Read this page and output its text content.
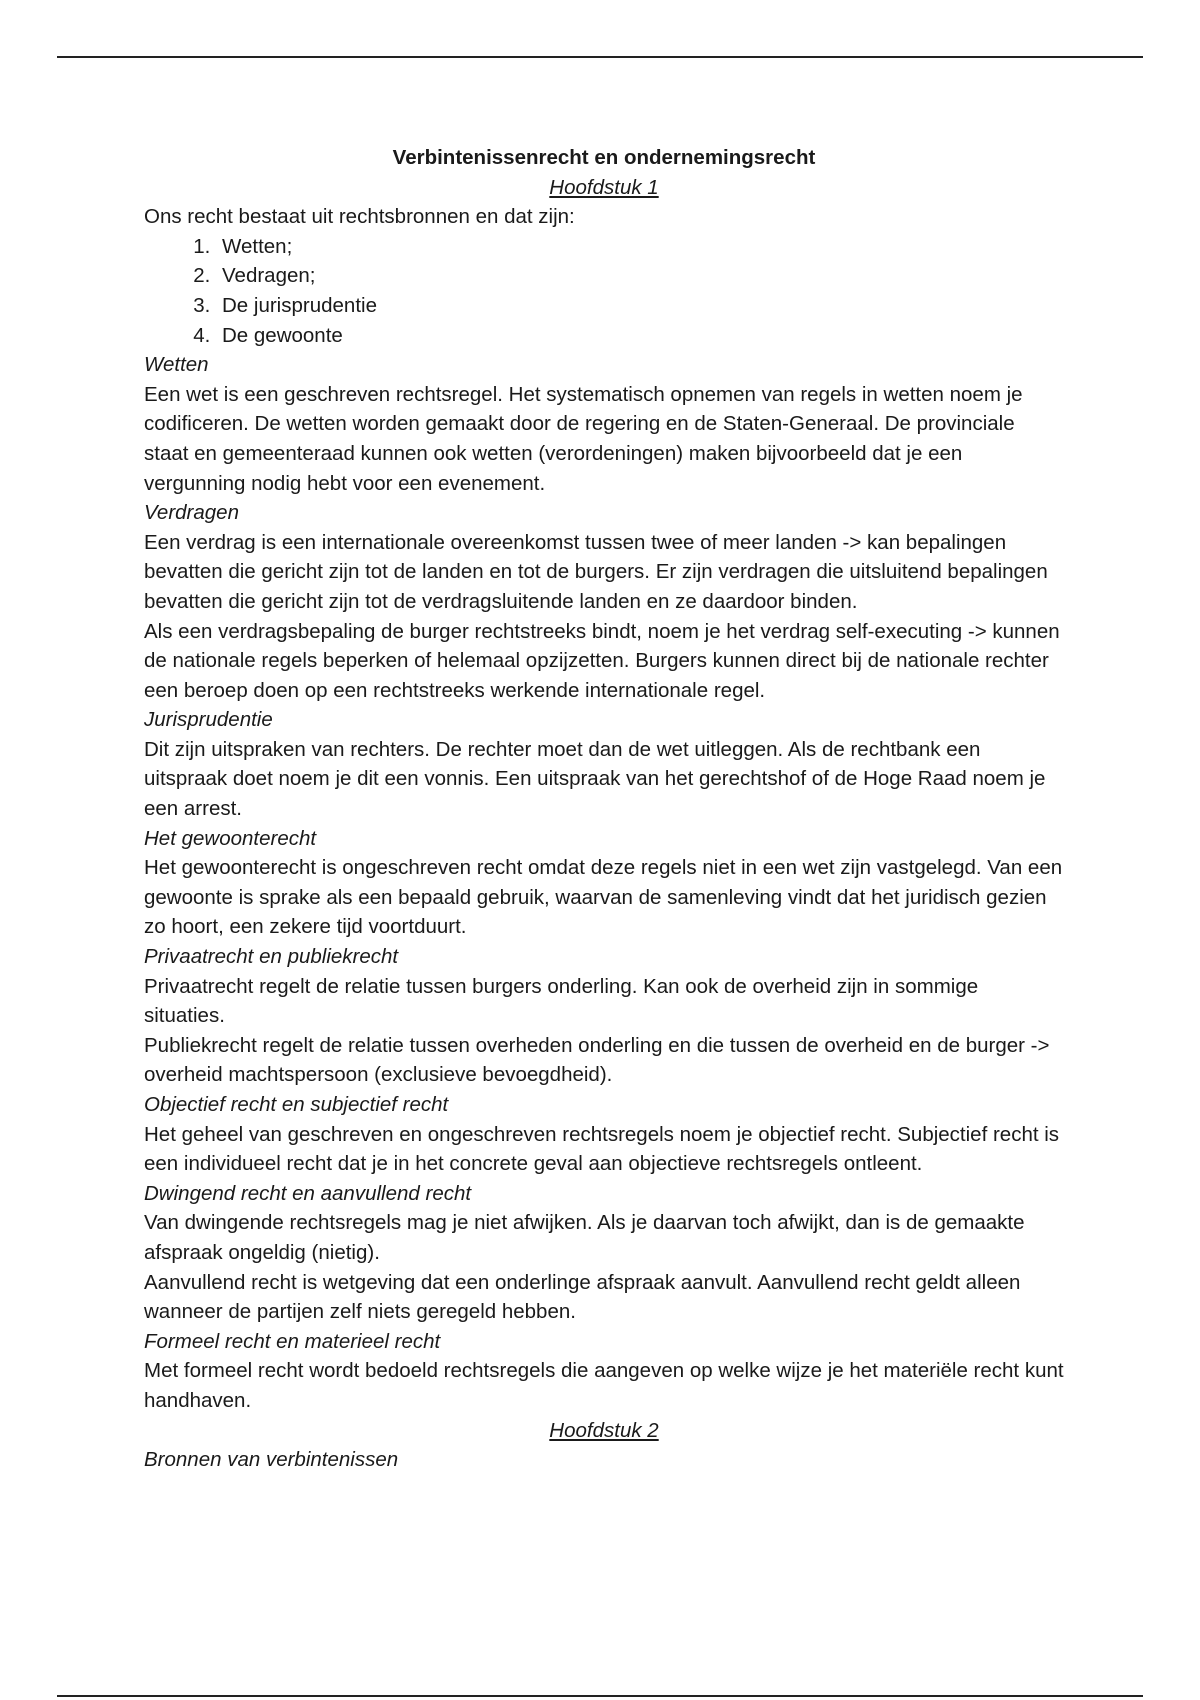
Verbintenissenrecht en ondernemingsrecht

Hoofdstuk 1

Ons recht bestaat uit rechtsbronnen en dat zijn:

1. Wetten;
2. Vedragen;
3. De jurisprudentie
4. De gewoonte

Wetten

Een wet is een geschreven rechtsregel. Het systematisch opnemen van regels in wetten noem je codificeren. De wetten worden gemaakt door de regering en de Staten-Generaal. De provinciale staat en gemeenteraad kunnen ook wetten (verordeningen) maken bijvoorbeeld dat je een vergunning nodig hebt voor een evenement.

Verdragen

Een verdrag is een internationale overeenkomst tussen twee of meer landen -> kan bepalingen bevatten die gericht zijn tot de landen en tot de burgers. Er zijn verdragen die uitsluitend bepalingen bevatten die gericht zijn tot de verdragsluitende landen en ze daardoor binden.

Als een verdragsbepaling de burger rechtstreeks bindt, noem je het verdrag self-executing -> kunnen de nationale regels beperken of helemaal opzijzetten. Burgers kunnen direct bij de nationale rechter een beroep doen op een rechtstreeks werkende internationale regel.

Jurisprudentie

Dit zijn uitspraken van rechters. De rechter moet dan de wet uitleggen. Als de rechtbank een uitspraak doet noem je dit een vonnis. Een uitspraak van het gerechtshof of de Hoge Raad noem je een arrest.

Het gewoonterecht

Het gewoonterecht is ongeschreven recht omdat deze regels niet in een wet zijn vastgelegd. Van een gewoonte is sprake als een bepaald gebruik, waarvan de samenleving vindt dat het juridisch gezien zo hoort, een zekere tijd voortduurt.

Privaatrecht en publiekrecht

Privaatrecht regelt de relatie tussen burgers onderling. Kan ook de overheid zijn in sommige situaties.

Publiekrecht regelt de relatie tussen overheden onderling en die tussen de overheid en de burger -> overheid machtspersoon (exclusieve bevoegdheid).

Objectief recht en subjectief recht

Het geheel van geschreven en ongeschreven rechtsregels noem je objectief recht. Subjectief recht is een individueel recht dat je in het concrete geval aan objectieve rechtsregels ontleent.

Dwingend recht en aanvullend recht

Van dwingende rechtsregels mag je niet afwijken. Als je daarvan toch afwijkt, dan is de gemaakte afspraak ongeldig (nietig).

Aanvullend recht is wetgeving dat een onderlinge afspraak aanvult. Aanvullend recht geldt alleen wanneer de partijen zelf niets geregeld hebben.

Formeel recht en materieel recht

Met formeel recht wordt bedoeld rechtsregels die aangeven op welke wijze je het materiële recht kunt handhaven.

Hoofdstuk 2

Bronnen van verbintenissen
